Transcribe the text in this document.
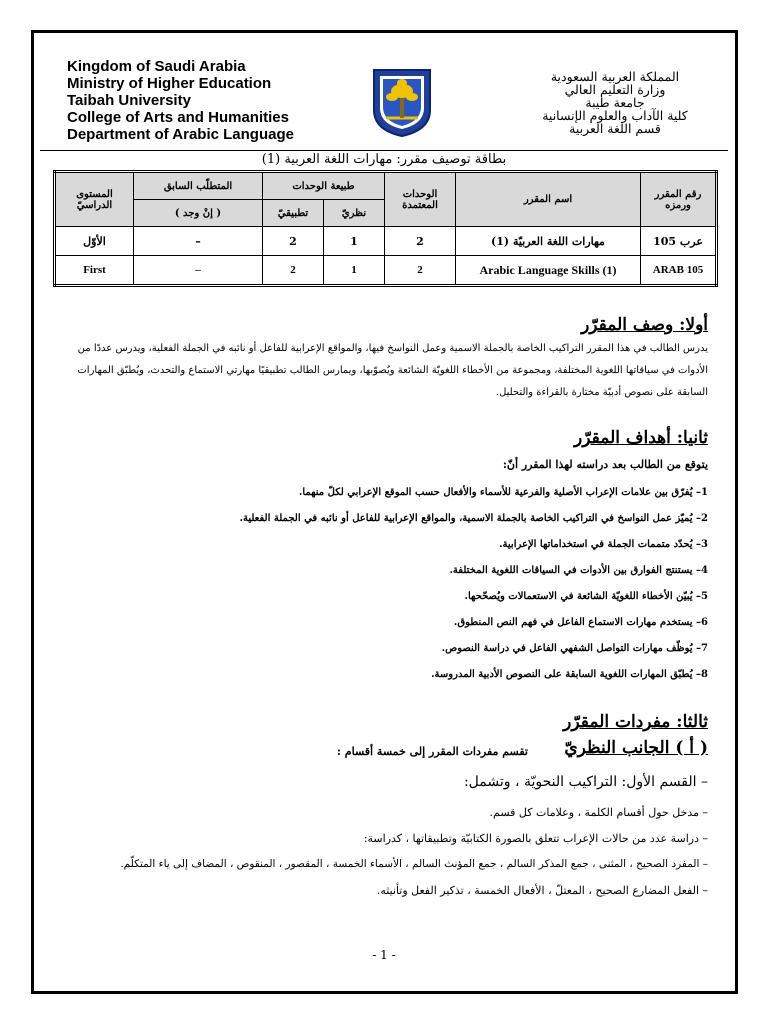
Kingdom of Saudi Arabia
Ministry of Higher Education
Taibah University
College of Arts and Humanities
Department of Arabic Language
المملكة العربية السعودية
وزارة التعليم العالي
جامعة طيبة
كلية الآداب والعلوم الإنسانية
قسم اللغة العربية
بطاقة توصيف مقرر: مهارات اللغة العربية (1)
رقم المقرر ورمزه	اسم المقرر	الوحدات المعتمدة	طبيعة الوحدات		المتطلّب السابق	المستوى الدراسيّ
			نظريّ	تطبيقيّ	( إنْ وجد )	
عرب 105	مهارات اللغة العربيّة (1)	2	1	2	–	الأوّل
ARAB 105	Arabic Language Skills (1)	2	1	2	–	First
أولا: وصف المقرّر
يدرس الطالب في هذا المقرر التراكيب الخاصة بالجملة الاسمية وعمل النواسخ فيها، والمواقع الإعرابية للفاعل أو نائبه في الجملة الفعلية، ويدرس عددًا من الأدوات في سياقاتها اللغوية المختلفة، ومجموعة من الأخطاء اللغويّة الشائعة ويُصوّبها، ويمارس الطالب تطبيقيًا مهارتي الاستماع والتحدث، ويُطبّق المهارات السابقة على نصوص أدبيّة مختارة بالقراءة والتحليل.
ثانيا: أهداف المقرّر
يتوقع من الطالب بعد دراسته لهذا المقرر أنّ:
1– يُفرّق بين علامات الإعراب الأصلية والفرعية للأسماء والأفعال حسب الموقع الإعرابي لكلّ منهما.
2– يُميّز عمل النواسخ في التراكيب الخاصة بالجملة الاسمية، والمواقع الإعرابية للفاعل أو نائبه في الجملة الفعلية.
3– يُحدّد متممات الجملة في استخداماتها الإعرابية.
4– يستنتج الفوارق بين الأدوات في السياقات اللغوية المختلفة.
5– يُبيّن الأخطاء اللغويّة الشائعة في الاستعمالات ويُصحّحها.
6– يستخدم مهارات الاستماع الفاعل في فهم النص المنطوق.
7– يُوظّف مهارات التواصل الشفهي الفاعل في دراسة النصوص.
8– يُطبّق المهارات اللغوية السابقة على النصوص الأدبية المدروسة.
ثالثا: مفردات المقرّر
( أ ) الجانب النظريّ
تقسم مفردات المقرر إلى خمسة أقسام :
– القسم الأول: التراكيب النحويّة ، وتشمل:
– مدخل حول أقسام الكلمة ، وعلامات كل قسم.
– دراسة عدد من حالات الإعراب تتعلق بالصورة الكتابيّة وتطبيقاتها ، كدراسة:
– المفرد الصحيح ، المثنى ، جمع المذكر السالم ، جمع المؤنث السالم ، الأسماء الخمسة ، المقصور ، المنقوص ، المضاف إلى ياء المتكلّم.
– الفعل المضارع الصحيح ، المعتلّ ، الأفعال الخمسة ، تذكير الفعل وتأنيثه.
- 1 -
